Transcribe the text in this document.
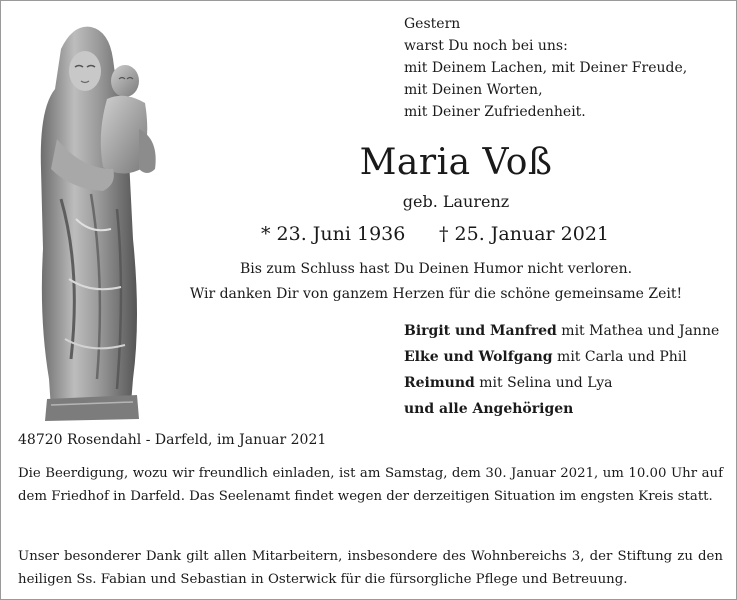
Gestern
warst Du noch bei uns:
mit Deinem Lachen, mit Deiner Freude,
mit Deinen Worten,
mit Deiner Zufriedenheit.
Maria Voß
geb. Laurenz
* 23. Juni 1936 † 25. Januar 2021
Bis zum Schluss hast Du Deinen Humor nicht verloren.
Wir danken Dir von ganzem Herzen für die schöne gemeinsame Zeit!
Birgit und Manfred mit Mathea und Janne
Elke und Wolfgang mit Carla und Phil
Reimund mit Selina und Lya
und alle Angehörigen
48720 Rosendahl - Darfeld, im Januar 2021
Die Beerdigung, wozu wir freundlich einladen, ist am Samstag, dem 30. Januar 2021, um 10.00 Uhr auf dem Friedhof in Darfeld. Das Seelenamt findet wegen der derzeitigen Situation im engsten Kreis statt.
Unser besonderer Dank gilt allen Mitarbeitern, insbesondere des Wohnbereichs 3, der Stiftung zu den heiligen Ss. Fabian und Sebastian in Osterwick für die fürsorgliche Pflege und Betreuung.
